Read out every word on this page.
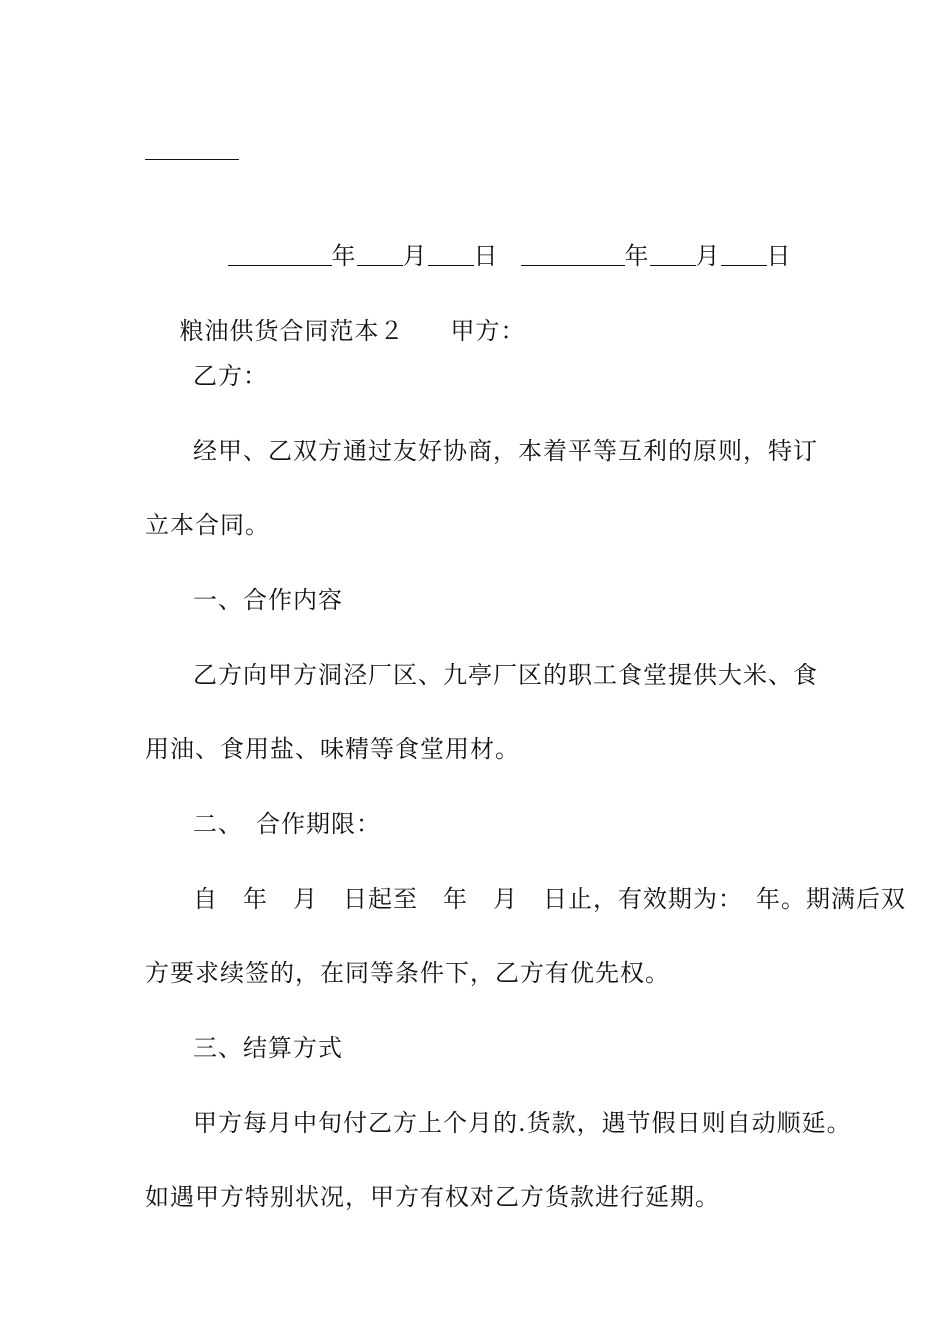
年 月 日	年 月 日

粮油供货合同范本２ 甲方：

乙方：
经甲、乙双方通过友好协商，本着平等互利的原则，特订
立本合同。
一、合作内容
乙方向甲方洞泾厂区、九亭厂区的职工食堂提供大米、食
用油、食用盐、味精等食堂用材。
二、　合作期限：
自　年　月　日起至　年　月　日止，有效期为：　年。期满后双
方要求续签的，在同等条件下，乙方有优先权。
三、结算方式
甲方每月中旬付乙方上个月的.货款，遇节假日则自动顺延。
如遇甲方特别状况，甲方有权对乙方货款进行延期。
